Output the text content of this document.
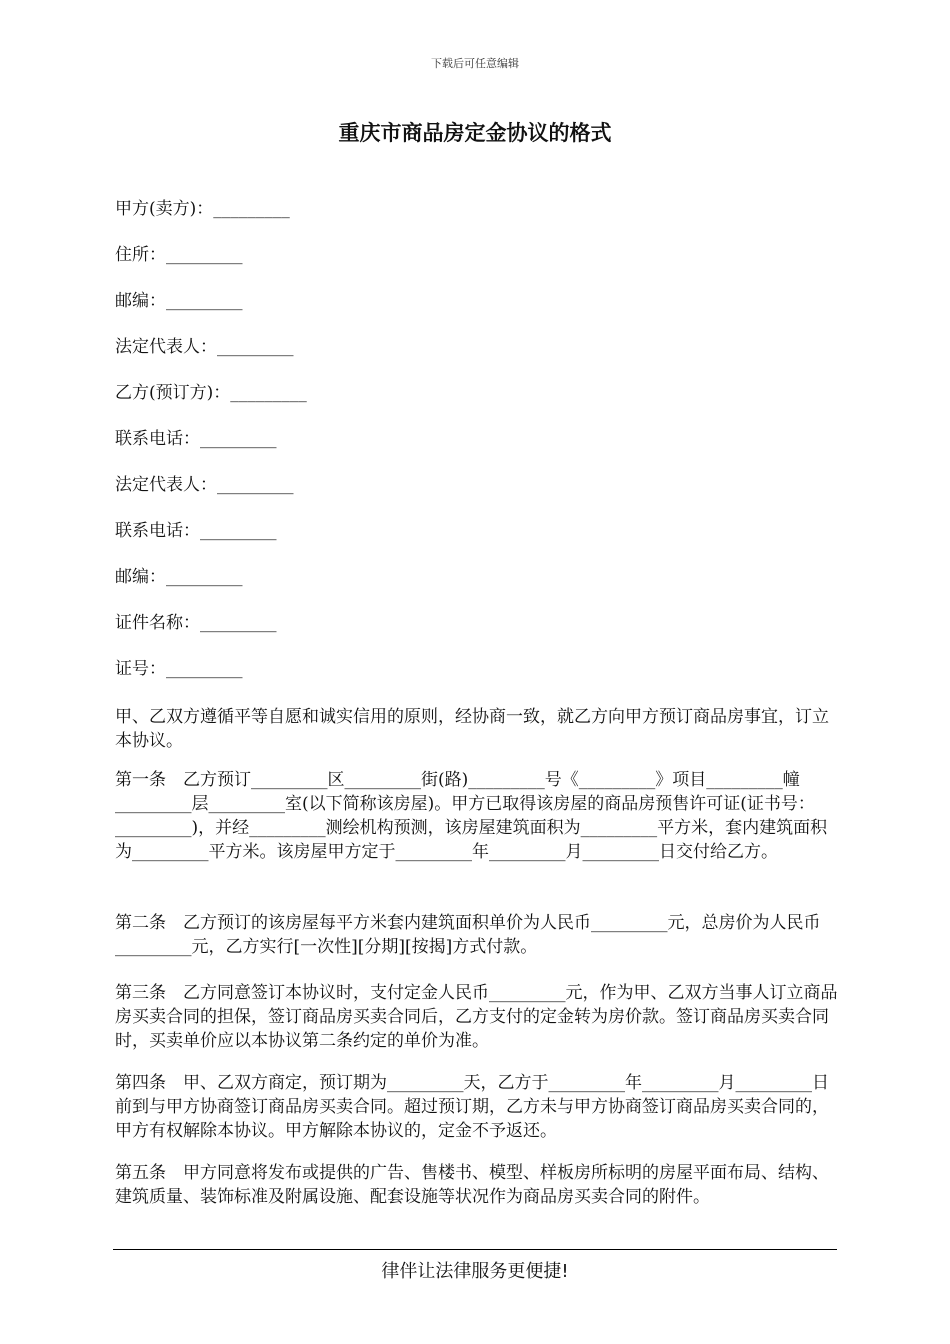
下载后可任意编辑
重庆市商品房定金协议的格式
甲方(卖方)：_________
住所：_________
邮编：_________
法定代表人：_________
乙方(预订方)：_________
联系电话：_________
法定代表人：_________
联系电话：_________
邮编：_________
证件名称：_________
证号：_________
甲、乙双方遵循平等自愿和诚实信用的原则，经协商一致，就乙方向甲方预订商品房事宜，订立本协议。
第一条　乙方预订_________区_________街(路)_________号《_________》项目_________幢_________层_________室(以下简称该房屋)。甲方已取得该房屋的商品房预售许可证(证书号：_________)，并经_________测绘机构预测，该房屋建筑面积为_________平方米，套内建筑面积为_________平方米。该房屋甲方定于_________年_________月_________日交付给乙方。
第二条　乙方预订的该房屋每平方米套内建筑面积单价为人民币_________元，总房价为人民币_________元，乙方实行[一次性][分期][按揭]方式付款。
第三条　乙方同意签订本协议时，支付定金人民币_________元，作为甲、乙双方当事人订立商品房买卖合同的担保，签订商品房买卖合同后，乙方支付的定金转为房价款。签订商品房买卖合同时，买卖单价应以本协议第二条约定的单价为准。
第四条　甲、乙双方商定，预订期为_________天，乙方于_________年_________月_________日前到与甲方协商签订商品房买卖合同。超过预订期，乙方未与甲方协商签订商品房买卖合同的，甲方有权解除本协议。甲方解除本协议的，定金不予返还。
第五条　甲方同意将发布或提供的广告、售楼书、模型、样板房所标明的房屋平面布局、结构、建筑质量、装饰标准及附属设施、配套设施等状况作为商品房买卖合同的附件。
律伴让法律服务更便捷!
